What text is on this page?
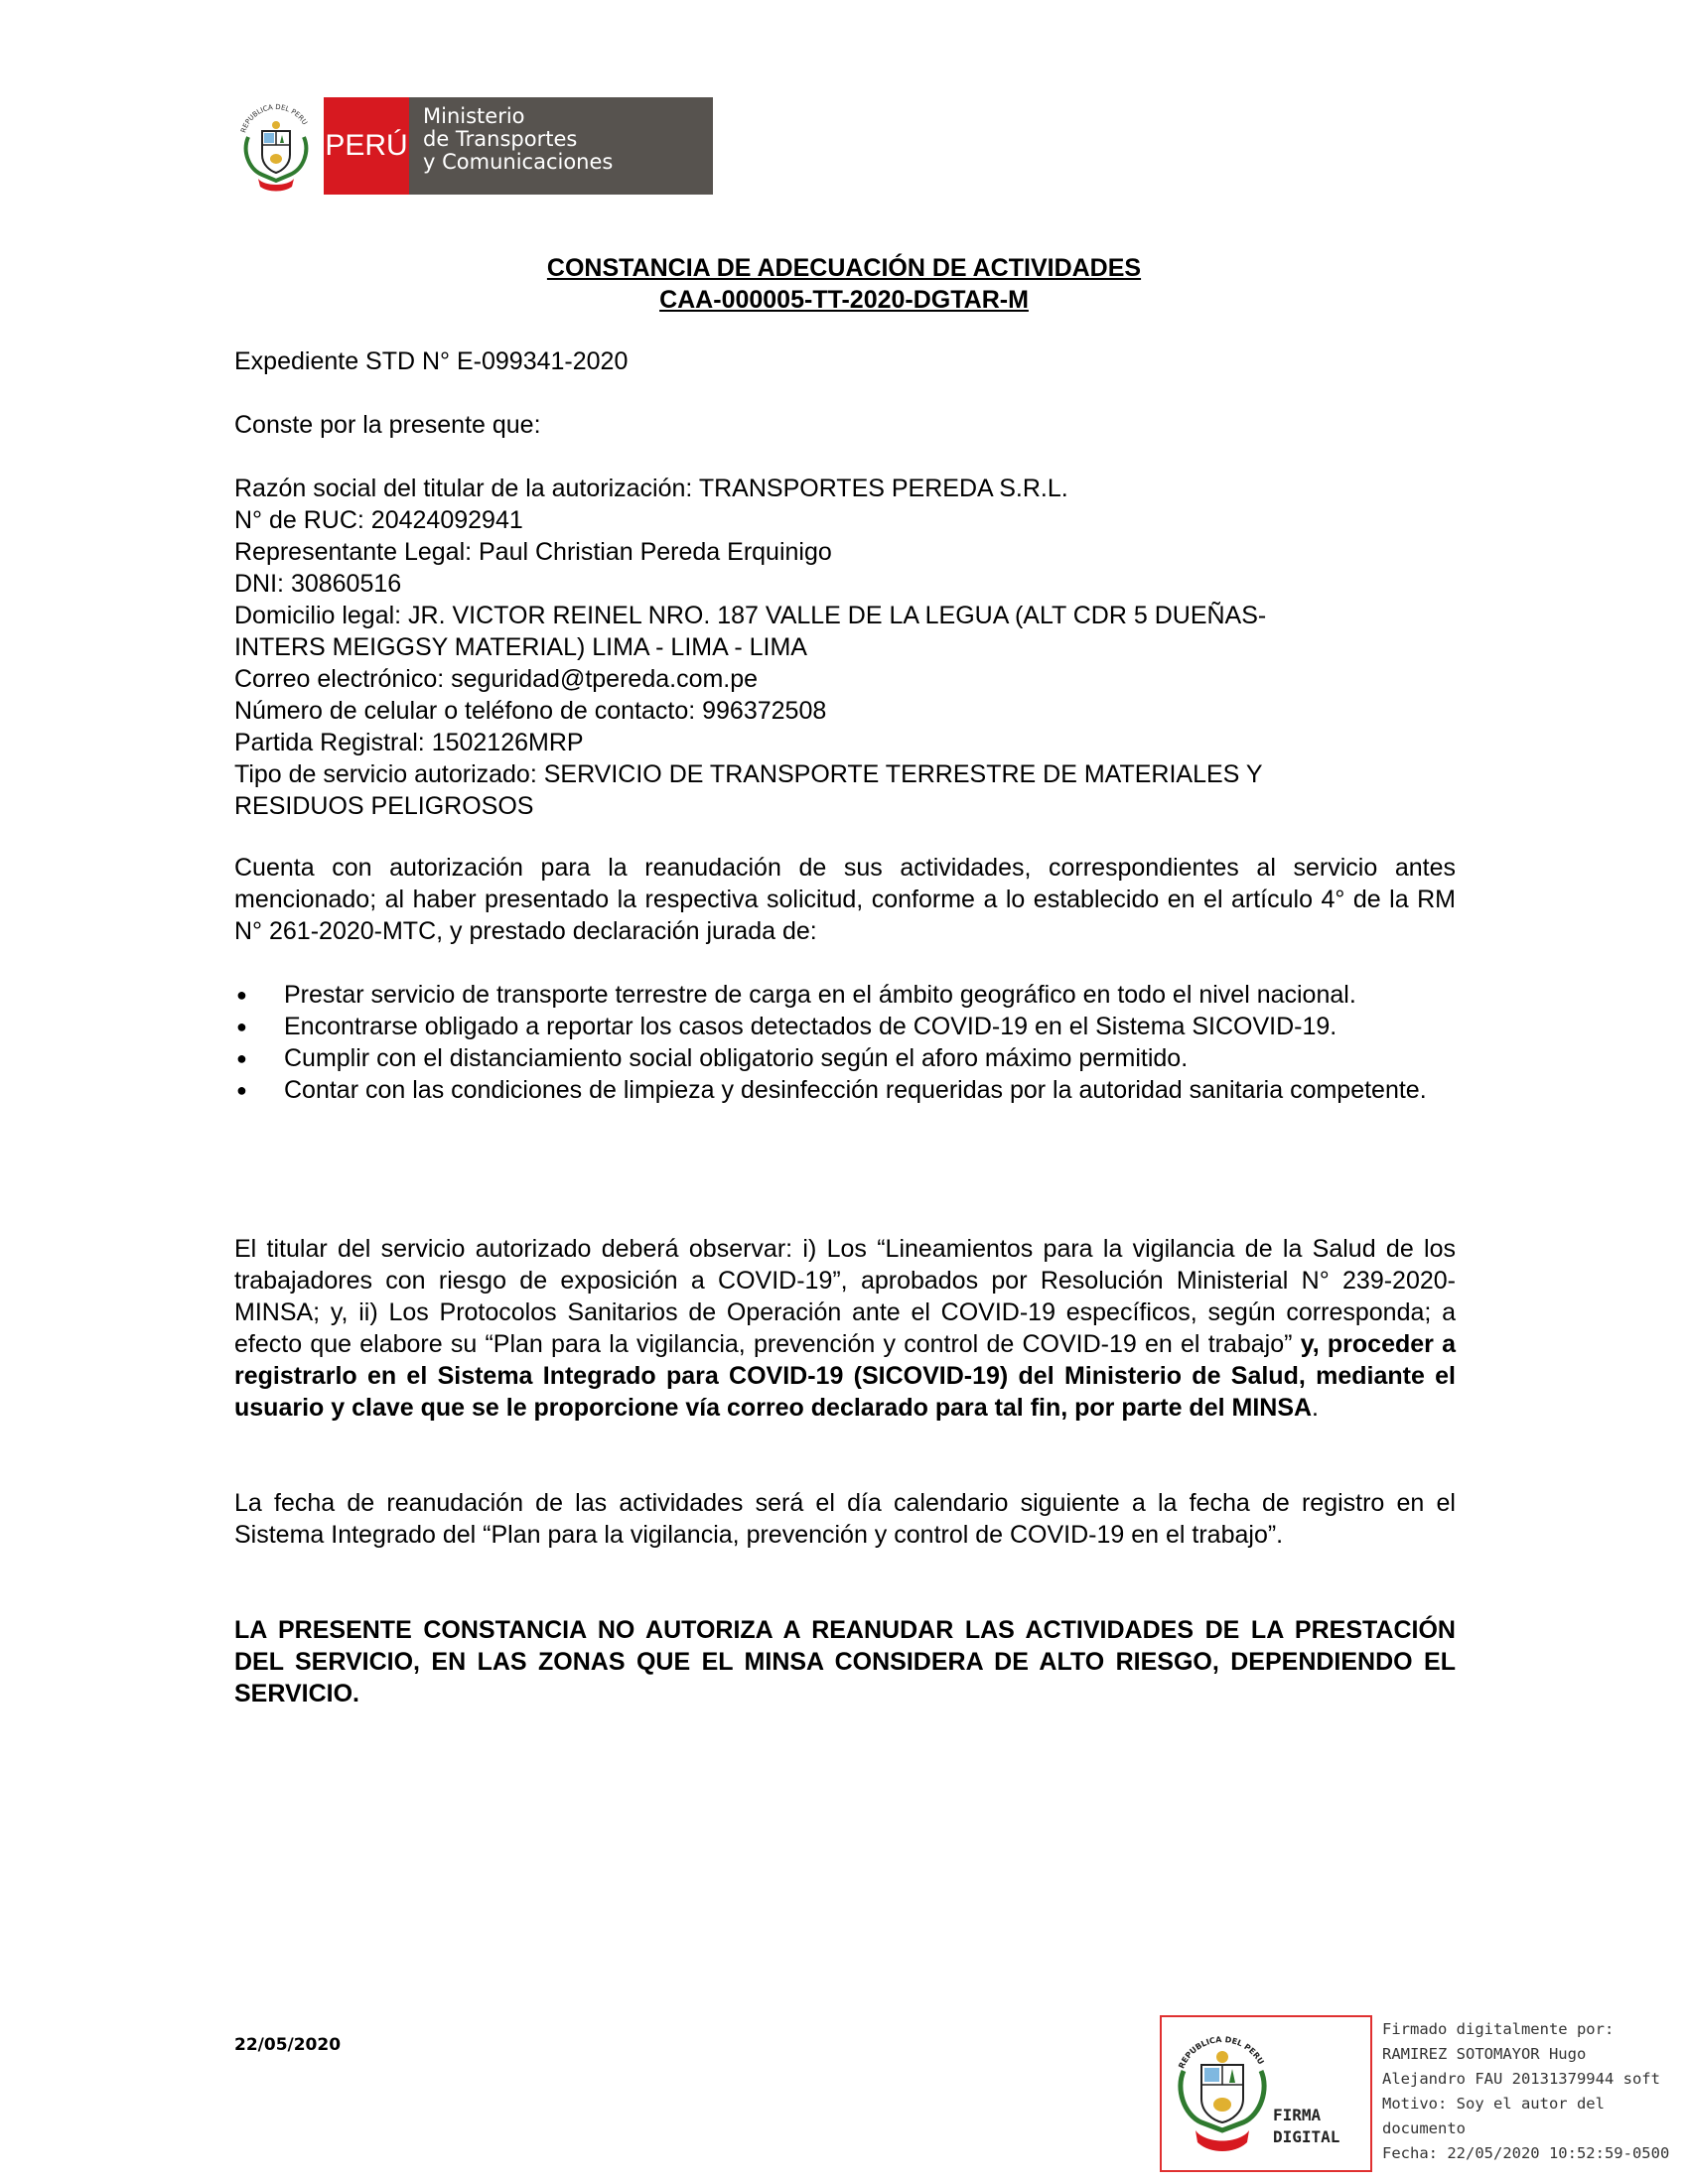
REPUBLICA DEL PERU
PERÚ
Ministerio
de Transportes
y Comunicaciones
CONSTANCIA DE ADECUACIÓN DE ACTIVIDADES
CAA-000005-TT-2020-DGTAR-M
Expediente STD N° E-099341-2020
Conste por la presente que:
Razón social del titular de la autorización: TRANSPORTES PEREDA S.R.L.
N° de RUC: 20424092941
Representante Legal: Paul Christian Pereda Erquinigo
DNI: 30860516
Domicilio legal: JR. VICTOR REINEL NRO. 187 VALLE DE LA LEGUA (ALT CDR 5 DUEÑAS-
INTERS MEIGGSY MATERIAL) LIMA - LIMA - LIMA
Correo electrónico: seguridad@tpereda.com.pe
Número de celular o teléfono de contacto: 996372508
Partida Registral: 1502126MRP
Tipo de servicio autorizado: SERVICIO DE TRANSPORTE TERRESTRE DE MATERIALES Y
RESIDUOS PELIGROSOS
Cuenta con autorización para la reanudación de sus actividades, correspondientes al servicio antes mencionado; al haber presentado la respectiva solicitud, conforme a lo establecido en el artículo 4° de la RM N° 261-2020-MTC, y prestado declaración jurada de:
●	Prestar servicio de transporte terrestre de carga en el ámbito geográfico en todo el nivel nacional.
●	Encontrarse obligado a reportar los casos detectados de COVID-19 en el Sistema SICOVID-19.
●	Cumplir con el distanciamiento social obligatorio según el aforo máximo permitido.
●	Contar con las condiciones de limpieza y desinfección requeridas por la autoridad sanitaria competente.
El titular del servicio autorizado deberá observar: i) Los “Lineamientos para la vigilancia de la Salud de los trabajadores con riesgo de exposición a COVID-19”, aprobados por Resolución Ministerial N° 239-2020-MINSA; y, ii) Los Protocolos Sanitarios de Operación ante el COVID-19 específicos, según corresponda; a efecto que elabore su “Plan para la vigilancia, prevención y control de COVID-19 en el trabajo” y, proceder a registrarlo en el Sistema Integrado para COVID-19 (SICOVID-19) del Ministerio de Salud, mediante el usuario y clave que se le proporcione vía correo declarado para tal fin, por parte del MINSA.
La fecha de reanudación de las actividades será el día calendario siguiente a la fecha de registro en el Sistema Integrado del “Plan para la vigilancia, prevención y control de COVID-19 en el trabajo”.
LA PRESENTE CONSTANCIA NO AUTORIZA A REANUDAR LAS ACTIVIDADES DE LA PRESTACIÓN DEL SERVICIO, EN LAS ZONAS QUE EL MINSA CONSIDERA DE ALTO RIESGO, DEPENDIENDO EL SERVICIO.
22/05/2020
REPUBLICA DEL PERU
FIRMA
DIGITAL
Firmado digitalmente por:
RAMIREZ SOTOMAYOR Hugo
Alejandro FAU 20131379944 soft
Motivo: Soy el autor del
documento
Fecha: 22/05/2020 10:52:59-0500
